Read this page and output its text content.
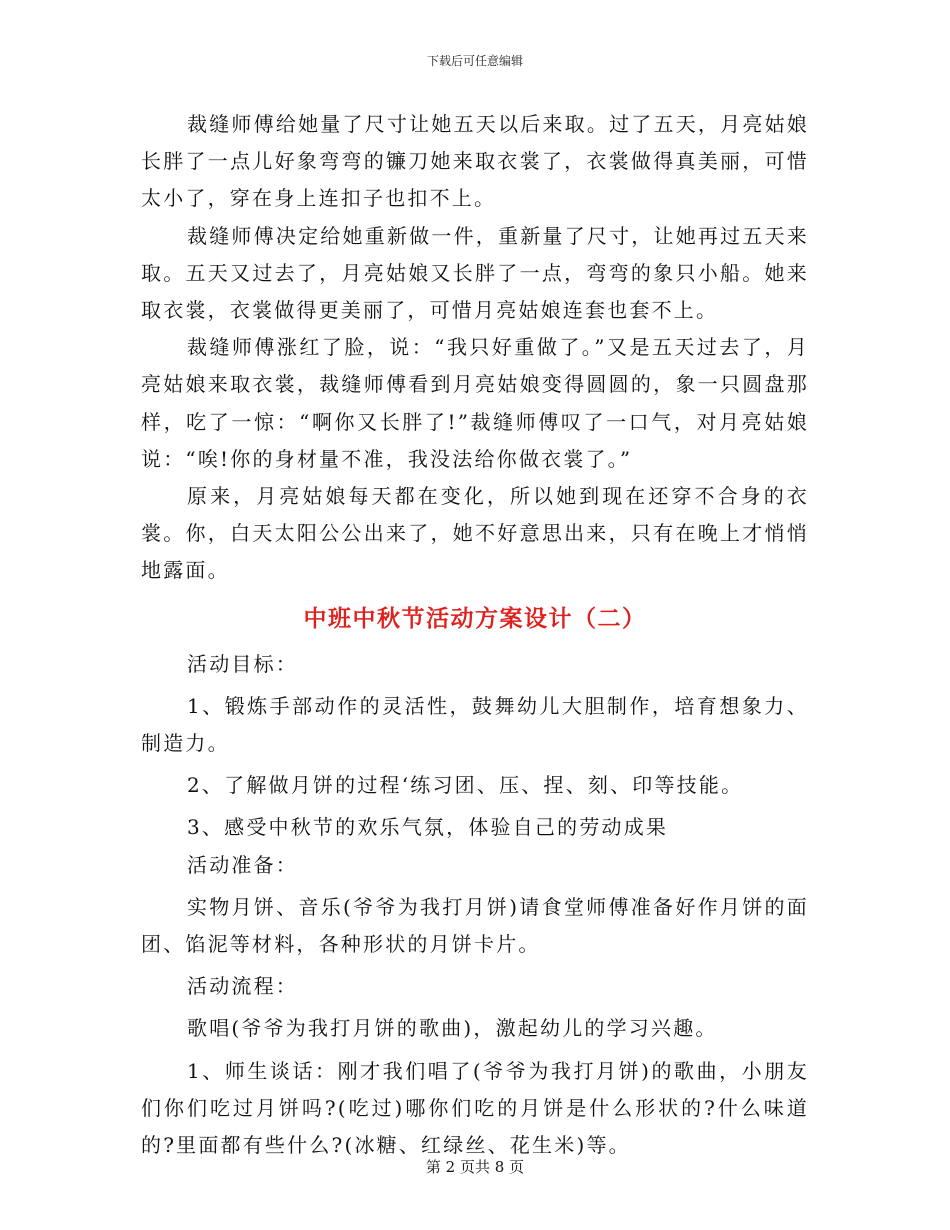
下载后可任意编辑

裁缝师傅给她量了尺寸让她五天以后来取。过了五天，月亮姑娘长胖了一点儿好象弯弯的镰刀她来取衣裳了，衣裳做得真美丽，可惜太小了，穿在身上连扣子也扣不上。

裁缝师傅决定给她重新做一件，重新量了尺寸，让她再过五天来取。五天又过去了，月亮姑娘又长胖了一点，弯弯的象只小船。她来取衣裳，衣裳做得更美丽了，可惜月亮姑娘连套也套不上。

裁缝师傅涨红了脸，说：“我只好重做了。”又是五天过去了，月亮姑娘来取衣裳，裁缝师傅看到月亮姑娘变得圆圆的，象一只圆盘那样，吃了一惊：“啊你又长胖了!”裁缝师傅叹了一口气，对月亮姑娘说：“唉!你的身材量不准，我没法给你做衣裳了。”

原来，月亮姑娘每天都在变化，所以她到现在还穿不合身的衣裳。你，白天太阳公公出来了，她不好意思出来，只有在晚上才悄悄地露面。

中班中秋节活动方案设计（二）

活动目标：

1、锻炼手部动作的灵活性，鼓舞幼儿大胆制作，培育想象力、制造力。

2、了解做月饼的过程‘练习团、压、捏、刻、印等技能。

3、感受中秋节的欢乐气氛，体验自己的劳动成果

活动准备：

实物月饼、音乐(爷爷为我打月饼)请食堂师傅准备好作月饼的面团、馅泥等材料，各种形状的月饼卡片。

活动流程：

歌唱(爷爷为我打月饼的歌曲)，激起幼儿的学习兴趣。

1、师生谈话：刚才我们唱了(爷爷为我打月饼)的歌曲，小朋友们你们吃过月饼吗?(吃过)哪你们吃的月饼是什么形状的?什么味道的?里面都有些什么?(冰糖、红绿丝、花生米)等。

第 2 页共 8 页
